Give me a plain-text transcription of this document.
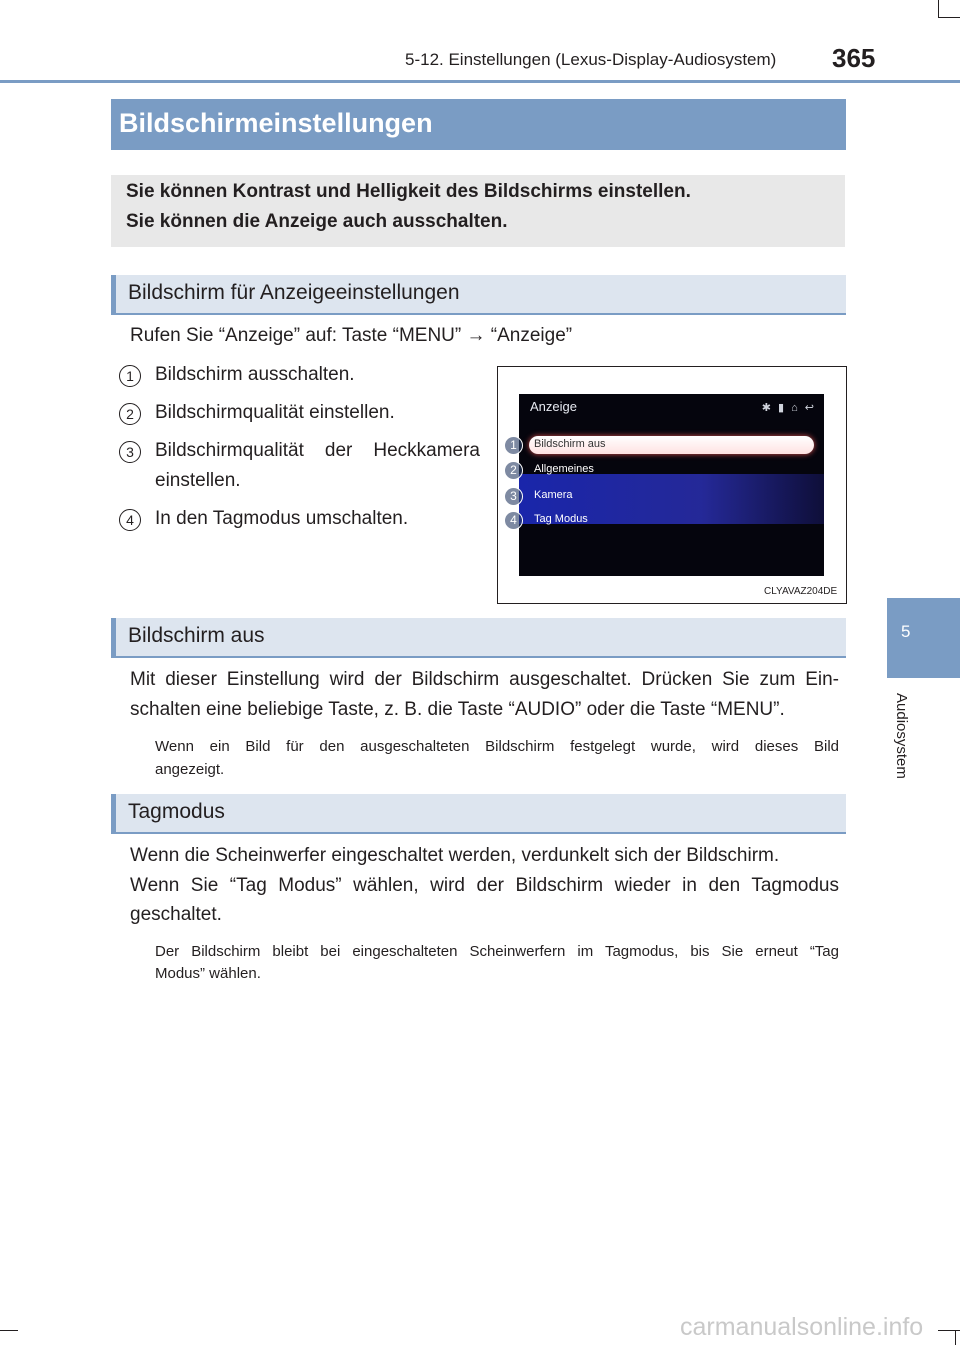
5-12. Einstellungen (Lexus-Display-Audiosystem) 365
5
Audiosystem
Bildschirmeinstellungen

Sie können Kontrast und Helligkeit des Bildschirms einstellen.

Sie können die Anzeige auch ausschalten.

Bildschirm für Anzeigeeinstellungen
Rufen Sie “Anzeige” auf: Taste “MENU” → “Anzeige”
1	Bildschirm ausschalten.
2	Bildschirmqualität einstellen.
3	Bildschirmqualität der Heckkamera
einstellen.
4	In den Tagmodus umschalten.
Anzeige	✱ ▮ ⌂ ↩
Bildschirm aus
Allgemeines
Kamera
Tag Modus
1
2
3
4
CLYAVAZ204DE
Bildschirm aus
Mit dieser Einstellung wird der Bildschirm ausgeschaltet. Drücken Sie zum Ein-
schalten eine beliebige Taste, z. B. die Taste “AUDIO” oder die Taste “MENU”.
Wenn ein Bild für den ausgeschalteten Bildschirm festgelegt wurde, wird dieses Bild
angezeigt.
Tagmodus
Wenn die Scheinwerfer eingeschaltet werden, verdunkelt sich der Bildschirm.
Wenn Sie “Tag Modus” wählen, wird der Bildschirm wieder in den Tagmodus
geschaltet.
Der Bildschirm bleibt bei eingeschalteten Scheinwerfern im Tagmodus, bis Sie erneut “Tag
Modus” wählen.
carmanualsonline.info
